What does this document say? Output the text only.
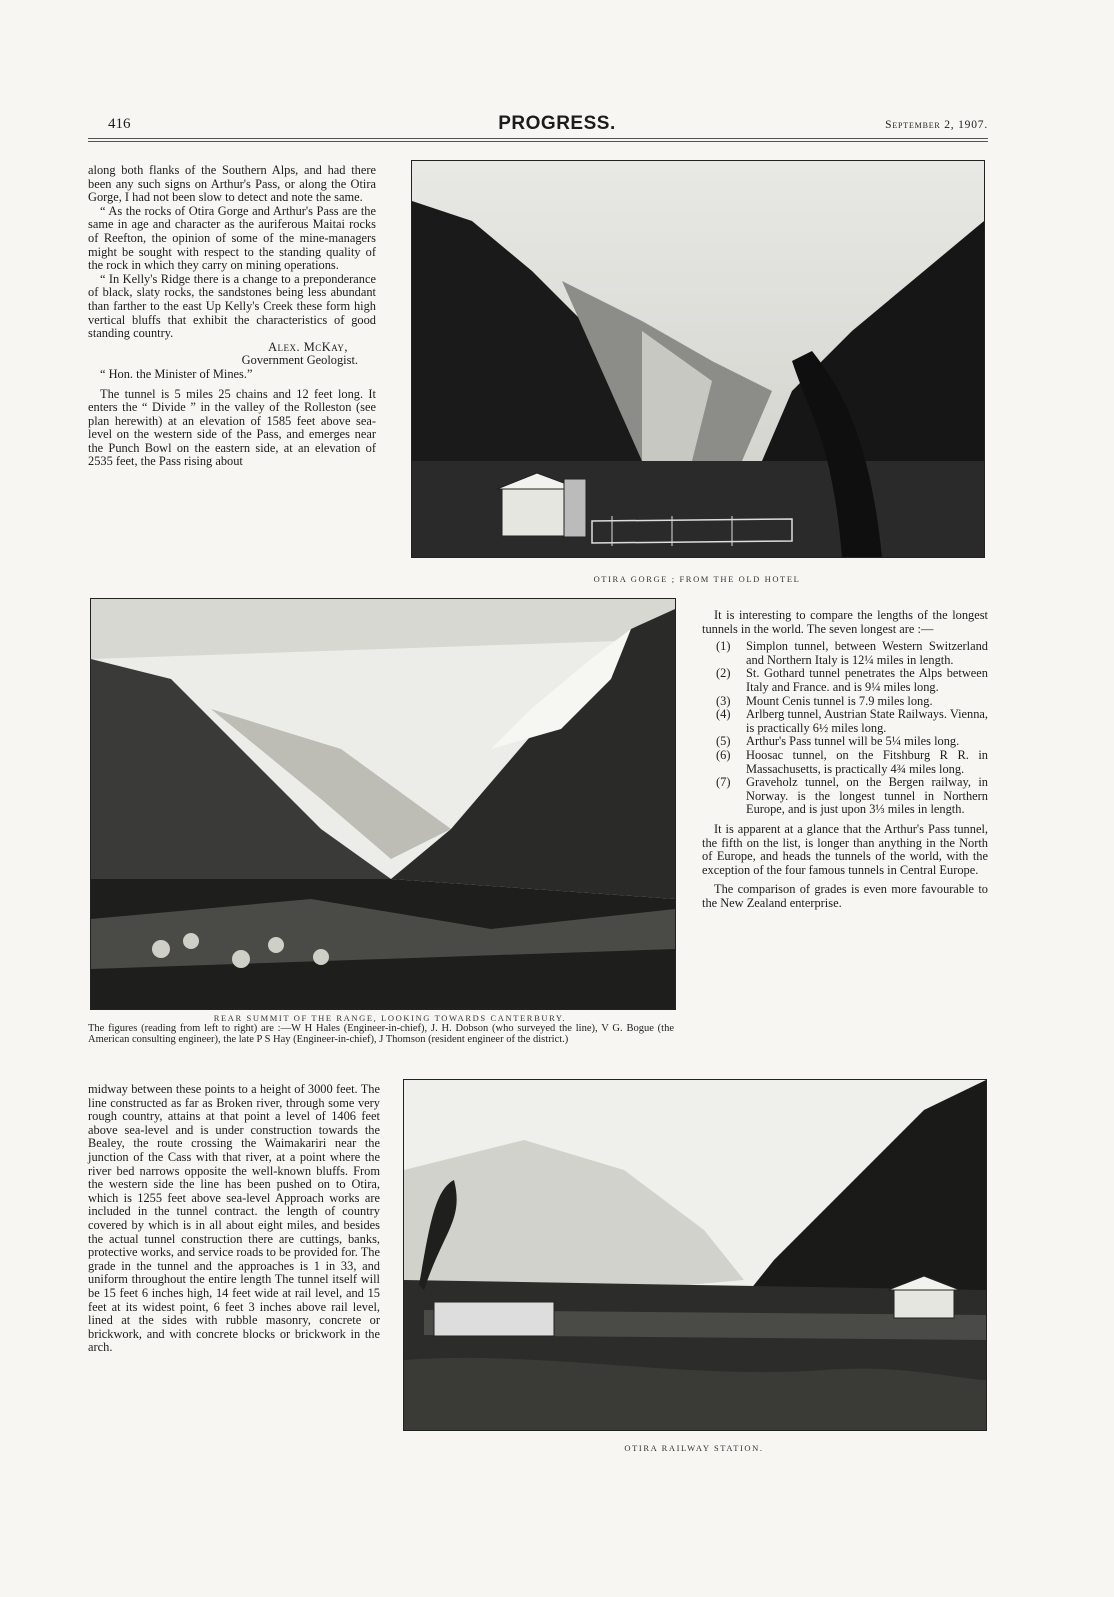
416	PROGRESS.	September 2, 1907.

along both flanks of the Southern Alps, and had there been any such signs on Arthur's Pass, or along the Otira Gorge, I had not been slow to detect and note the same.

“ As the rocks of Otira Gorge and Arthur's Pass are the same in age and character as the auriferous Maitai rocks of Reefton, the opinion of some of the mine-managers might be sought with respect to the standing quality of the rock in which they carry on mining operations.

“ In Kelly's Ridge there is a change to a preponderance of black, slaty rocks, the sandstones being less abundant than farther to the east Up Kelly's Creek these form high vertical bluffs that exhibit the characteristics of good standing country.

Alex. McKay,
Government Geologist.

“ Hon. the Minister of Mines.”

The tunnel is 5 miles 25 chains and 12 feet long. It enters the “ Divide ” in the valley of the Rolleston (see plan herewith) at an elevation of 1585 feet above sea-level on the western side of the Pass, and emerges near the Punch Bowl on the eastern side, at an elevation of 2535 feet, the Pass rising about

OTIRA GORGE ; FROM THE OLD HOTEL
REAR SUMMIT OF THE RANGE, LOOKING TOWARDS CANTERBURY.
The figures (reading from left to right) are :—W H Hales (Engineer-in-chief), J. H. Dobson (who surveyed the line), V G. Bogue (the American consulting engineer), the late P S Hay (Engineer-in-chief), J Thomson (resident engineer of the district.)

It is interesting to compare the lengths of the longest tunnels in the world. The seven longest are :—

(1) Simplon tunnel, between Western Switzerland and Northern Italy is 12¼ miles in length.
(2) St. Gothard tunnel penetrates the Alps between Italy and France. and is 9¼ miles long.
(3) Mount Cenis tunnel is 7.9 miles long.
(4) Arlberg tunnel, Austrian State Railways. Vienna, is practically 6½ miles long.
(5) Arthur's Pass tunnel will be 5¼ miles long.
(6) Hoosac tunnel, on the Fitshburg R R. in Massachusetts, is practically 4¾ miles long.
(7) Graveholz tunnel, on the Bergen railway, in Norway. is the longest tunnel in Northern Europe, and is just upon 3⅓ miles in length.

It is apparent at a glance that the Arthur's Pass tunnel, the fifth on the list, is longer than anything in the North of Europe, and heads the tunnels of the world, with the exception of the four famous tunnels in Central Europe.

The comparison of grades is even more favourable to the New Zealand enterprise.

midway between these points to a height of 3000 feet. The line constructed as far as Broken river, through some very rough country, attains at that point a level of 1406 feet above sea-level and is under construction towards the Bealey, the route crossing the Waimakariri near the junction of the Cass with that river, at a point where the river bed narrows opposite the well-known bluffs. From the western side the line has been pushed on to Otira, which is 1255 feet above sea-level Approach works are included in the tunnel contract. the length of country covered by which is in all about eight miles, and besides the actual tunnel construction there are cuttings, banks, protective works, and service roads to be provided for. The grade in the tunnel and the approaches is 1 in 33, and uniform throughout the entire length The tunnel itself will be 15 feet 6 inches high, 14 feet wide at rail level, and 15 feet at its widest point, 6 feet 3 inches above rail level, lined at the sides with rubble masonry, concrete or brickwork, and with concrete blocks or brickwork in the arch.

OTIRA RAILWAY STATION.
